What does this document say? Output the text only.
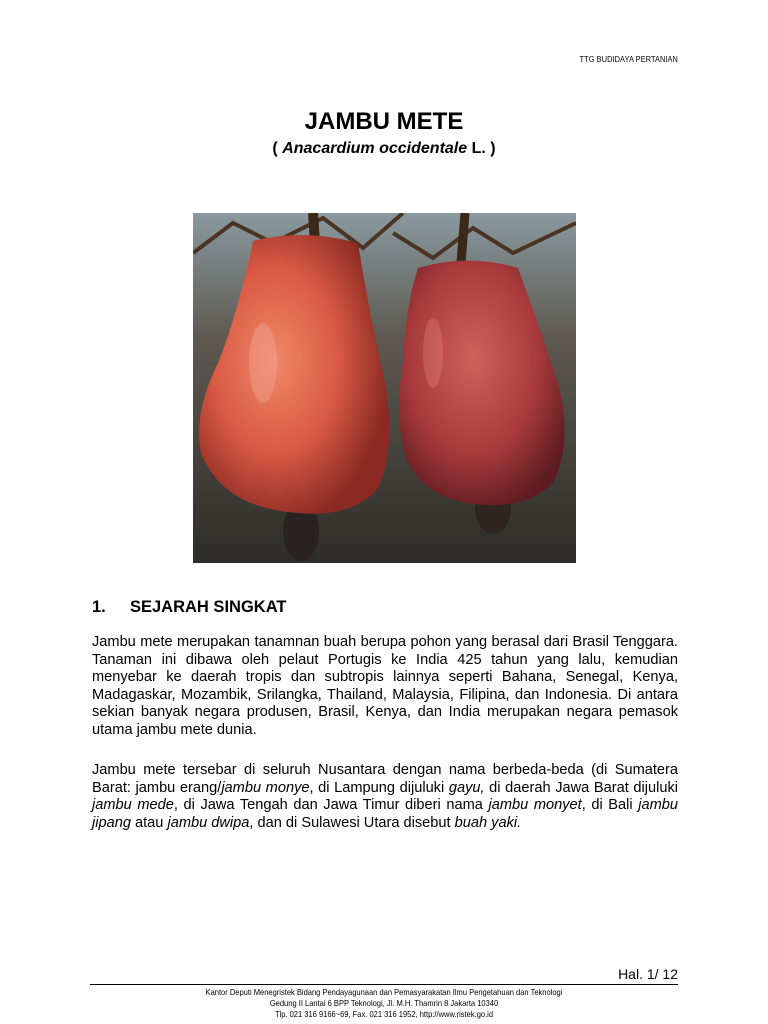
TTG BUDIDAYA PERTANIAN
JAMBU METE
( Anacardium occidentale L. )
1.	SEJARAH SINGKAT
Jambu mete merupakan tanamnan buah berupa pohon yang berasal dari Brasil Tenggara. Tanaman ini dibawa oleh pelaut Portugis ke India 425 tahun yang lalu, kemudian menyebar ke daerah tropis dan subtropis lainnya seperti Bahana, Senegal, Kenya, Madagaskar, Mozambik, Srilangka, Thailand, Malaysia, Filipina, dan Indonesia. Di antara sekian banyak negara produsen, Brasil, Kenya, dan India merupakan negara pemasok utama jambu mete dunia.
Jambu mete tersebar di seluruh Nusantara dengan nama berbeda-beda (di Sumatera Barat: jambu erang/jambu monye, di Lampung dijuluki gayu, di daerah Jawa Barat dijuluki jambu mede, di Jawa Tengah dan Jawa Timur diberi nama jambu monyet, di Bali jambu jipang atau jambu dwipa, dan di Sulawesi Utara disebut buah yaki.
Hal. 1/ 12
Kantor Deputi Menegristek Bidang Pendayagunaan dan Pemasyarakatan Ilmu Pengetahuan dan Teknologi
Gedung II Lantai 6 BPP Teknologi, Jl. M.H. Thamrin 8 Jakarta 10340
Tlp. 021 316 9166~69, Fax. 021 316 1952, http://www.ristek.go.id
